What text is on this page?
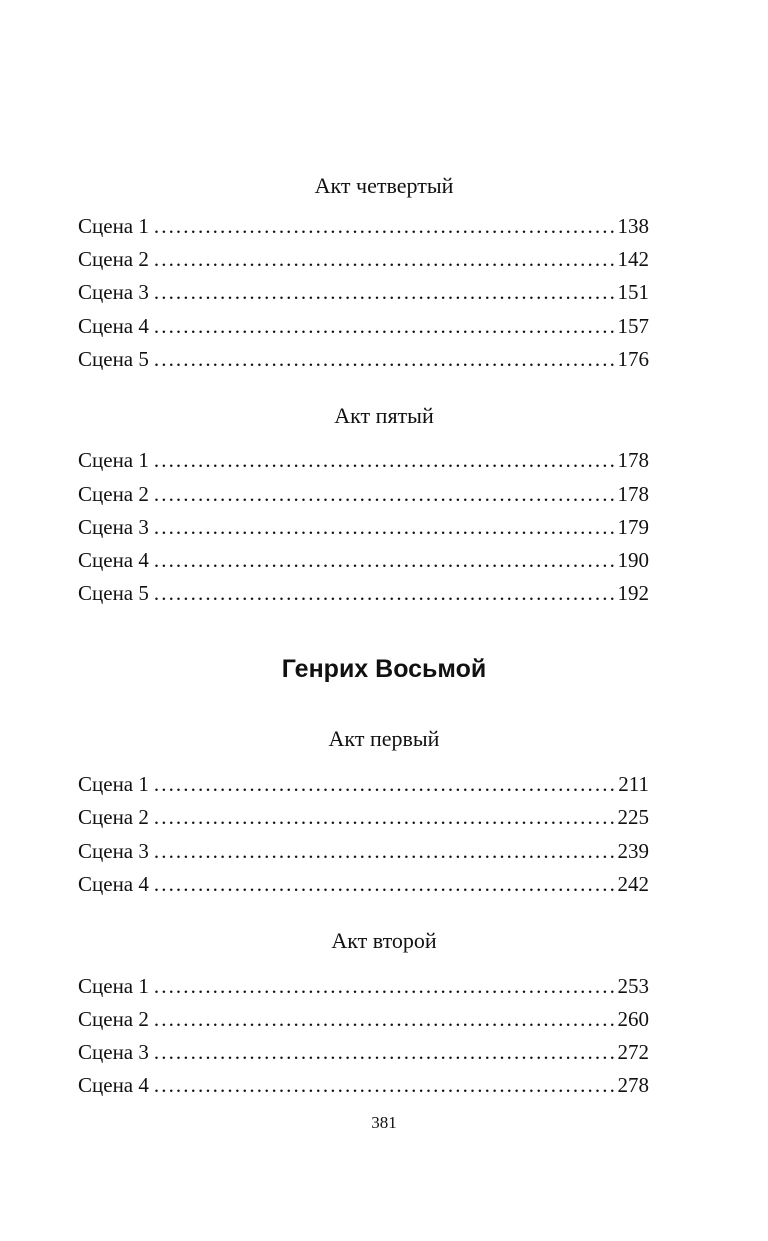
Акт четвертый
Сцена 1 .....	138
Сцена 2 .....	142
Сцена 3 .....	151
Сцена 4 .....	157
Сцена 5 .....	176
Акт пятый
Сцена 1 .....	178
Сцена 2 .....	178
Сцена 3 .....	179
Сцена 4 .....	190
Сцена 5 .....	192
Генрих Восьмой
Акт первый
Сцена 1 .....	211
Сцена 2 .....	225
Сцена 3 .....	239
Сцена 4 .....	242
Акт второй
Сцена 1 .....	253
Сцена 2 .....	260
Сцена 3 .....	272
Сцена 4 .....	278
381
